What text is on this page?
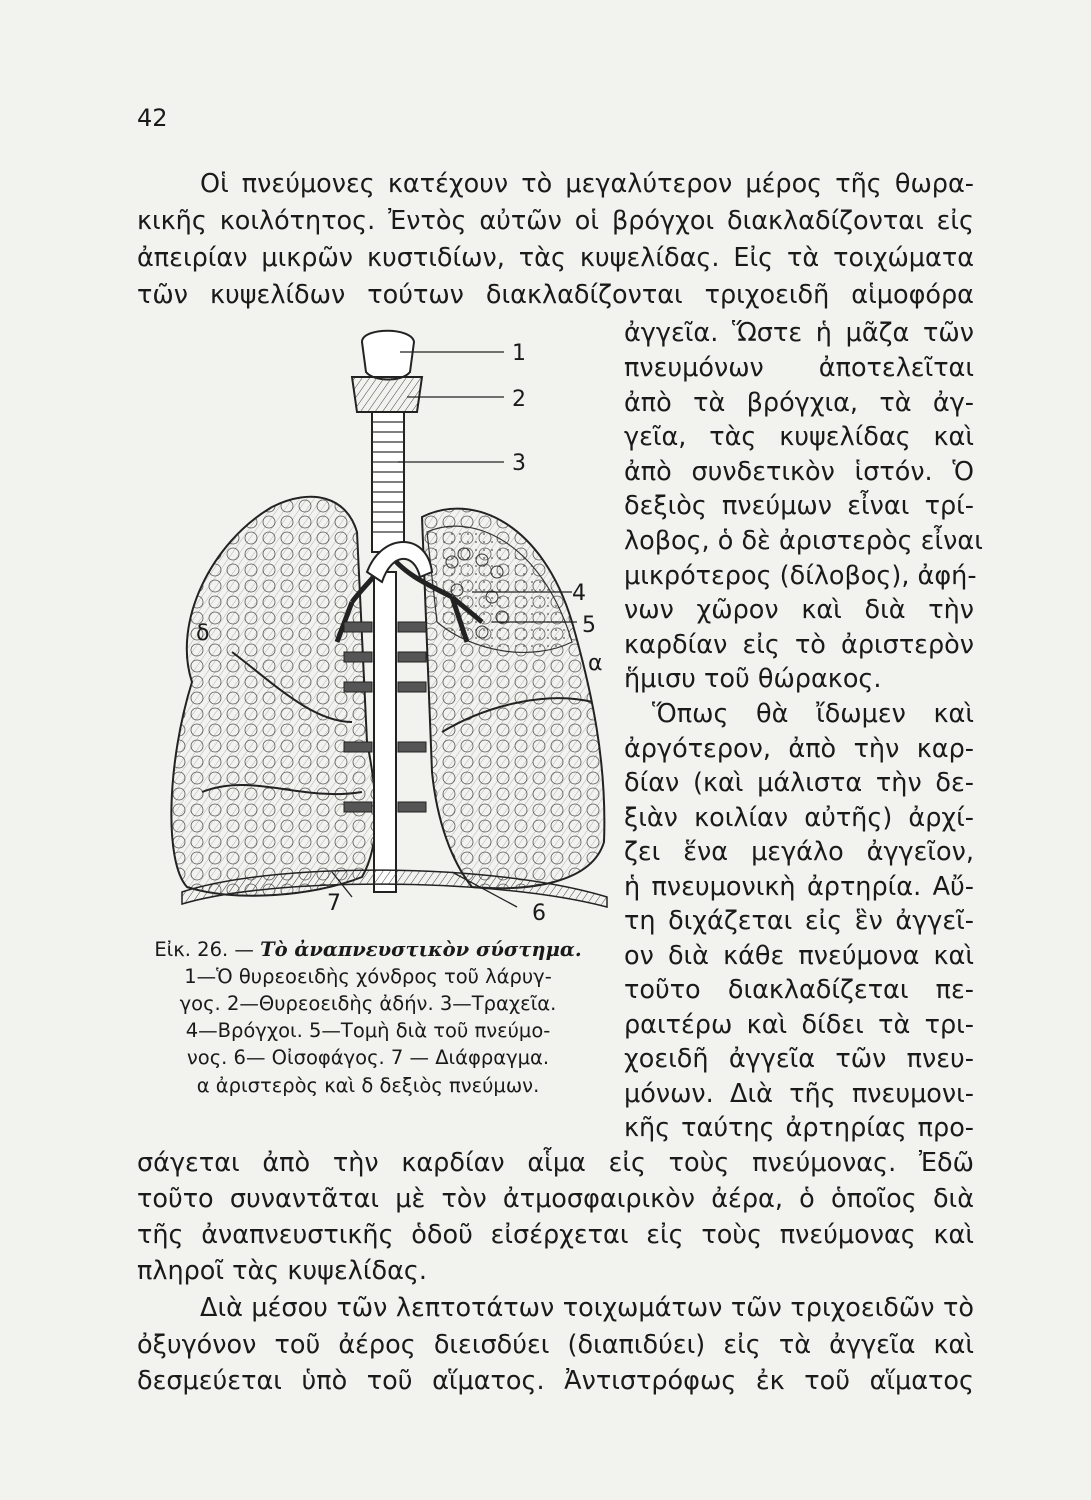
42
Οἱ πνεύμονες κατέχουν τὸ μεγαλύτερον μέρος τῆς θωρα-
κικῆς κοιλότητος. Ἐντὸς αὐτῶν οἱ βρόγχοι διακλαδίζονται εἰς
ἀπειρίαν μικρῶν κυστιδίων, τὰς κυψελίδας. Εἰς τὰ τοιχώματα
τῶν κυψελίδων τούτων διακλαδίζονται τριχοειδῆ αἱμοφόρα
ἀγγεῖα. Ὥστε ἡ μᾶζα τῶν
πνευμόνων ἀποτελεῖται
ἀπὸ τὰ βρόγχια, τὰ ἀγ-
γεῖα, τὰς κυψελίδας καὶ
ἀπὸ συνδετικὸν ἱστόν. Ὁ
δεξιὸς πνεύμων εἶναι τρί-
λοβος, ὁ δὲ ἀριστερὸς εἶναι
μικρότερος (δίλοβος), ἀφή-
νων χῶρον καὶ διὰ τὴν
καρδίαν εἰς τὸ ἀριστερὸν
ἥμισυ τοῦ θώρακος.
Ὅπως θὰ ἴδωμεν καὶ
ἀργότερον, ἀπὸ τὴν καρ-
δίαν (καὶ μάλιστα τὴν δε-
ξιὰν κοιλίαν αὐτῆς) ἀρχί-
ζει ἕνα μεγάλο ἀγγεῖον,
ἡ πνευμονικὴ ἀρτηρία. Αὔ-
τη διχάζεται εἰς ἓν ἀγγεῖ-
ον διὰ κάθε πνεύμονα καὶ
τοῦτο διακλαδίζεται πε-
ραιτέρω καὶ δίδει τὰ τρι-
χοειδῆ ἀγγεῖα τῶν πνευ-
μόνων. Διὰ τῆς πνευμονι-
κῆς ταύτης ἀρτηρίας προ-
σάγεται ἀπὸ τὴν καρδίαν αἷμα εἰς τοὺς πνεύμονας. Ἐδῶ
τοῦτο συναντᾶται μὲ τὸν ἀτμοσφαιρικὸν ἀέρα, ὁ ὁποῖος διὰ
τῆς ἀναπνευστικῆς ὁδοῦ εἰσέρχεται εἰς τοὺς πνεύμονας καὶ
πληροῖ τὰς κυψελίδας.
Διὰ μέσου τῶν λεπτοτάτων τοιχωμάτων τῶν τριχοειδῶν τὸ
ὀξυγόνον τοῦ ἀέρος διεισδύει (διαπιδύει) εἰς τὰ ἀγγεῖα καὶ
δεσμεύεται ὑπὸ τοῦ αἵματος. Ἀντιστρόφως ἐκ τοῦ αἵματος
1
2
3
4
5
6
7
α
δ
Εἰκ. 26. — Τὸ ἀναπνευστικὸν σύστημα.
1—Ὁ θυρεοειδὴς χόνδρος τοῦ λάρυγ-
γος. 2—Θυρεοειδὴς ἀδήν. 3—Τραχεῖα.
4—Βρόγχοι. 5—Τομὴ διὰ τοῦ πνεύμο-
νος. 6— Οἰσοφάγος. 7 — Διάφραγμα.
α ἀριστερὸς καὶ δ δεξιὸς πνεύμων.
